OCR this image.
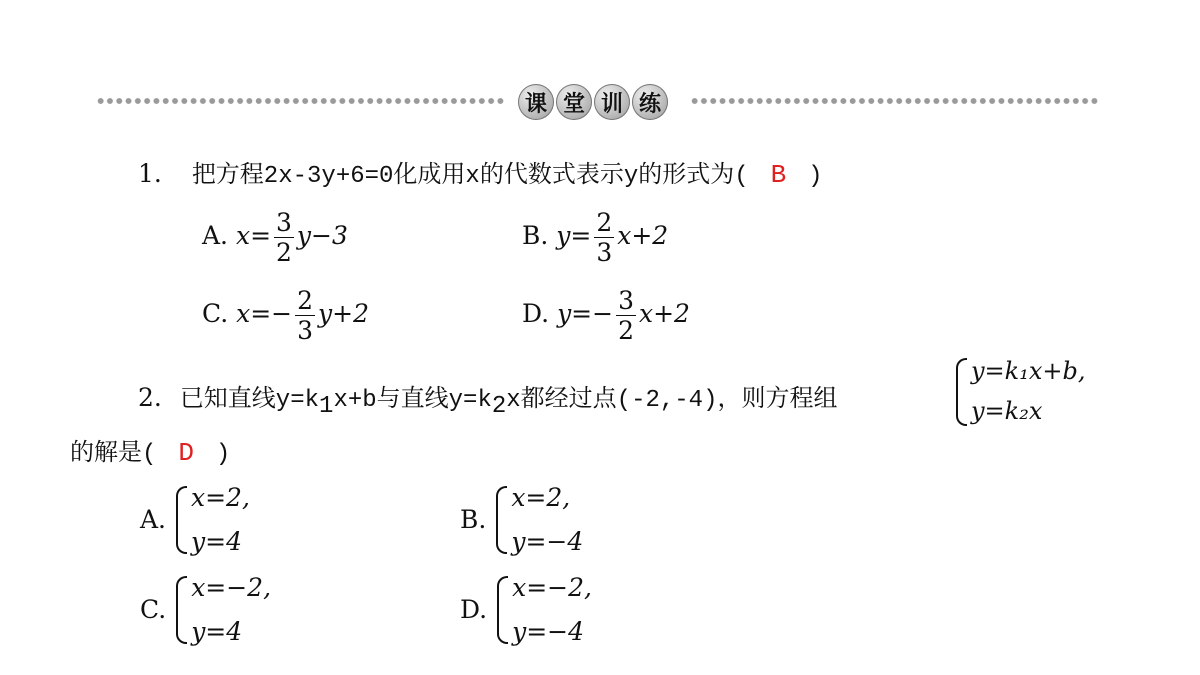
课 堂 训 练
1. 把方程2x-3y+6=0化成用x的代数式表示y的形式为( B )
A. $x= \frac{3}{2} y-3$	B. $y= \frac{2}{3} x+2$
C. $x=- \frac{2}{3} y+2$	D. $y=- \frac{3}{2} x+2$
2. 已知直线$y=k_1x+b$与直线$y=k_2x$都经过点(-2,-4)，则方程组
y=k₁x+b,
y=k₂x
的解是( D )
A.
x=2,
y=4
B.
x=2,
y=−4
C.
x=−2,
y=4
D.
x=−2,
y=−4
